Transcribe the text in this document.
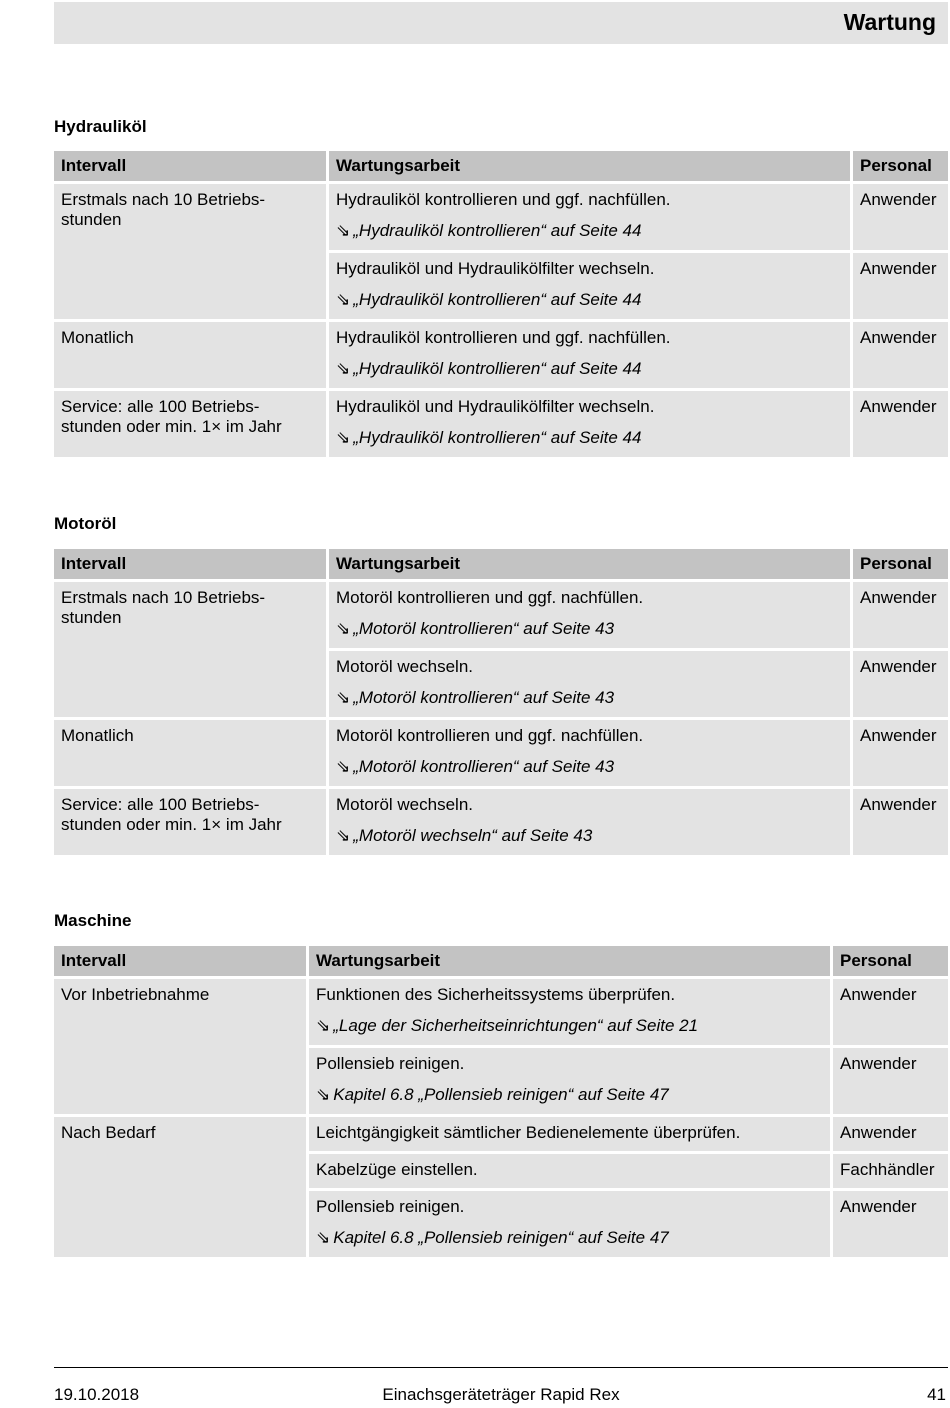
Wartung
Hydrauliköl
Intervall	Wartungsarbeit	Personal
Erstmals nach 10 Betriebs-
stunden	Hydrauliköl kontrollieren und ggf. nachfüllen.
⇘ „Hydrauliköl kontrollieren“ auf Seite 44	Anwender
	Hydrauliköl und Hydraulikölfilter wechseln.
⇘ „Hydrauliköl kontrollieren“ auf Seite 44	Anwender
Monatlich	Hydrauliköl kontrollieren und ggf. nachfüllen.
⇘ „Hydrauliköl kontrollieren“ auf Seite 44	Anwender
Service: alle 100 Betriebs-
stunden oder min. 1× im Jahr	Hydrauliköl und Hydraulikölfilter wechseln.
⇘ „Hydrauliköl kontrollieren“ auf Seite 44	Anwender
Motoröl
Intervall	Wartungsarbeit	Personal
Erstmals nach 10 Betriebs-
stunden	Motoröl kontrollieren und ggf. nachfüllen.
⇘ „Motoröl kontrollieren“ auf Seite 43	Anwender
	Motoröl wechseln.
⇘ „Motoröl kontrollieren“ auf Seite 43	Anwender
Monatlich	Motoröl kontrollieren und ggf. nachfüllen.
⇘ „Motoröl kontrollieren“ auf Seite 43	Anwender
Service: alle 100 Betriebs-
stunden oder min. 1× im Jahr	Motoröl wechseln.
⇘ „Motoröl wechseln“ auf Seite 43	Anwender
Maschine
Intervall	Wartungsarbeit	Personal
Vor Inbetriebnahme	Funktionen des Sicherheitssystems überprüfen.
⇘ „Lage der Sicherheitseinrichtungen“ auf Seite 21	Anwender
	Pollensieb reinigen.
⇘ Kapitel 6.8 „Pollensieb reinigen“ auf Seite 47	Anwender
Nach Bedarf	Leichtgängigkeit sämtlicher Bedienelemente überprüfen.	Anwender
	Kabelzüge einstellen.	Fachhändler
	Pollensieb reinigen.
⇘ Kapitel 6.8 „Pollensieb reinigen“ auf Seite 47	Anwender
19.10.2018	Einachsgeräteträger Rapid Rex	41
